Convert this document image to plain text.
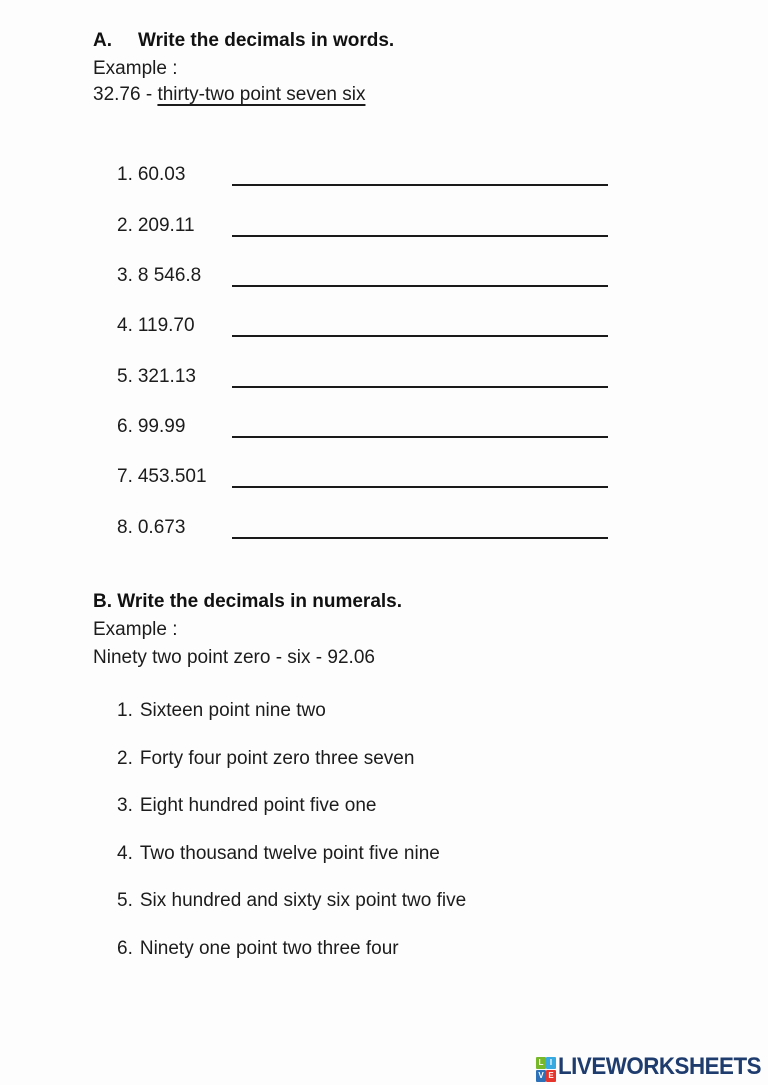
A. Write the decimals in words.
Example :
32.76 - thirty-two point seven six
1. 60.03
2. 209.11
3. 8 546.8
4. 119.70
5. 321.13
6. 99.99
7. 453.501
8. 0.673
B. Write the decimals in numerals.
Example :
Ninety two point zero - six - 92.06
1. Sixteen point nine two
2. Forty four point zero three seven
3. Eight hundred point five one
4. Two thousand twelve point five nine
5. Six hundred and sixty six point two five
6. Ninety one point two three four
L I
V E LIVEWORKSHEETS
